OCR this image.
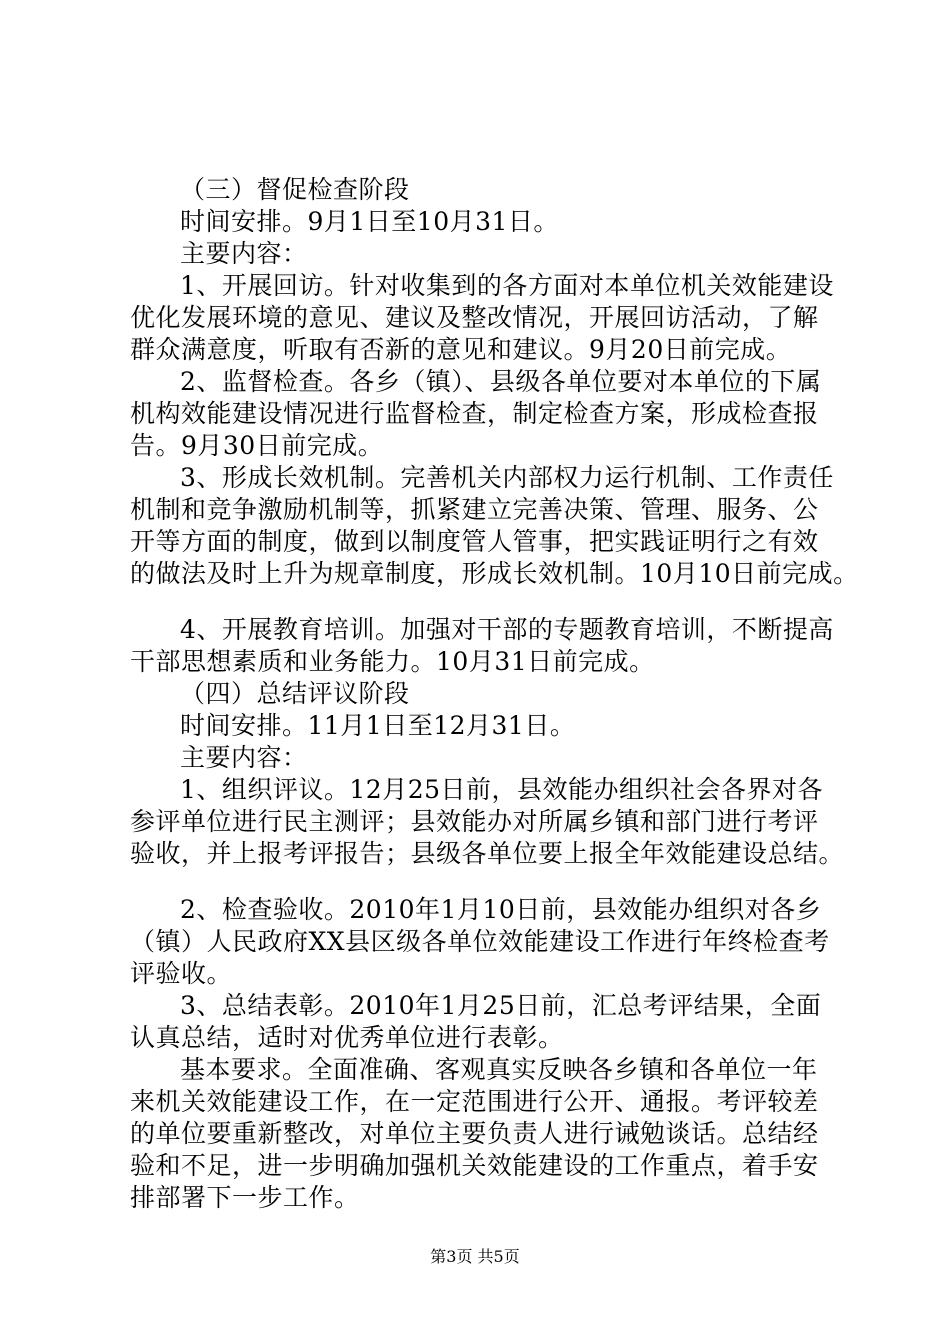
（三）督促检查阶段
时间安排。9月1日至10月31日。
主要内容：
1、开展回访。针对收集到的各方面对本单位机关效能建设
优化发展环境的意见、建议及整改情况，开展回访活动，了解
群众满意度，听取有否新的意见和建议。9月20日前完成。
2、监督检查。各乡（镇）、县级各单位要对本单位的下属
机构效能建设情况进行监督检查，制定检查方案，形成检查报
告。9月30日前完成。
3、形成长效机制。完善机关内部权力运行机制、工作责任
机制和竞争激励机制等，抓紧建立完善决策、管理、服务、公
开等方面的制度，做到以制度管人管事，把实践证明行之有效
的做法及时上升为规章制度，形成长效机制。10月10日前完成。
4、开展教育培训。加强对干部的专题教育培训，不断提高
干部思想素质和业务能力。10月31日前完成。
（四）总结评议阶段
时间安排。11月1日至12月31日。
主要内容：
1、组织评议。12月25日前，县效能办组织社会各界对各
参评单位进行民主测评；县效能办对所属乡镇和部门进行考评
验收，并上报考评报告；县级各单位要上报全年效能建设总结。
2、检查验收。2010年1月10日前，县效能办组织对各乡
（镇）人民政府XX县区级各单位效能建设工作进行年终检查考
评验收。
3、总结表彰。2010年1月25日前，汇总考评结果，全面
认真总结，适时对优秀单位进行表彰。
基本要求。全面准确、客观真实反映各乡镇和各单位一年
来机关效能建设工作，在一定范围进行公开、通报。考评较差
的单位要重新整改，对单位主要负责人进行诫勉谈话。总结经
验和不足，进一步明确加强机关效能建设的工作重点，着手安
排部署下一步工作。
第3页 共5页
